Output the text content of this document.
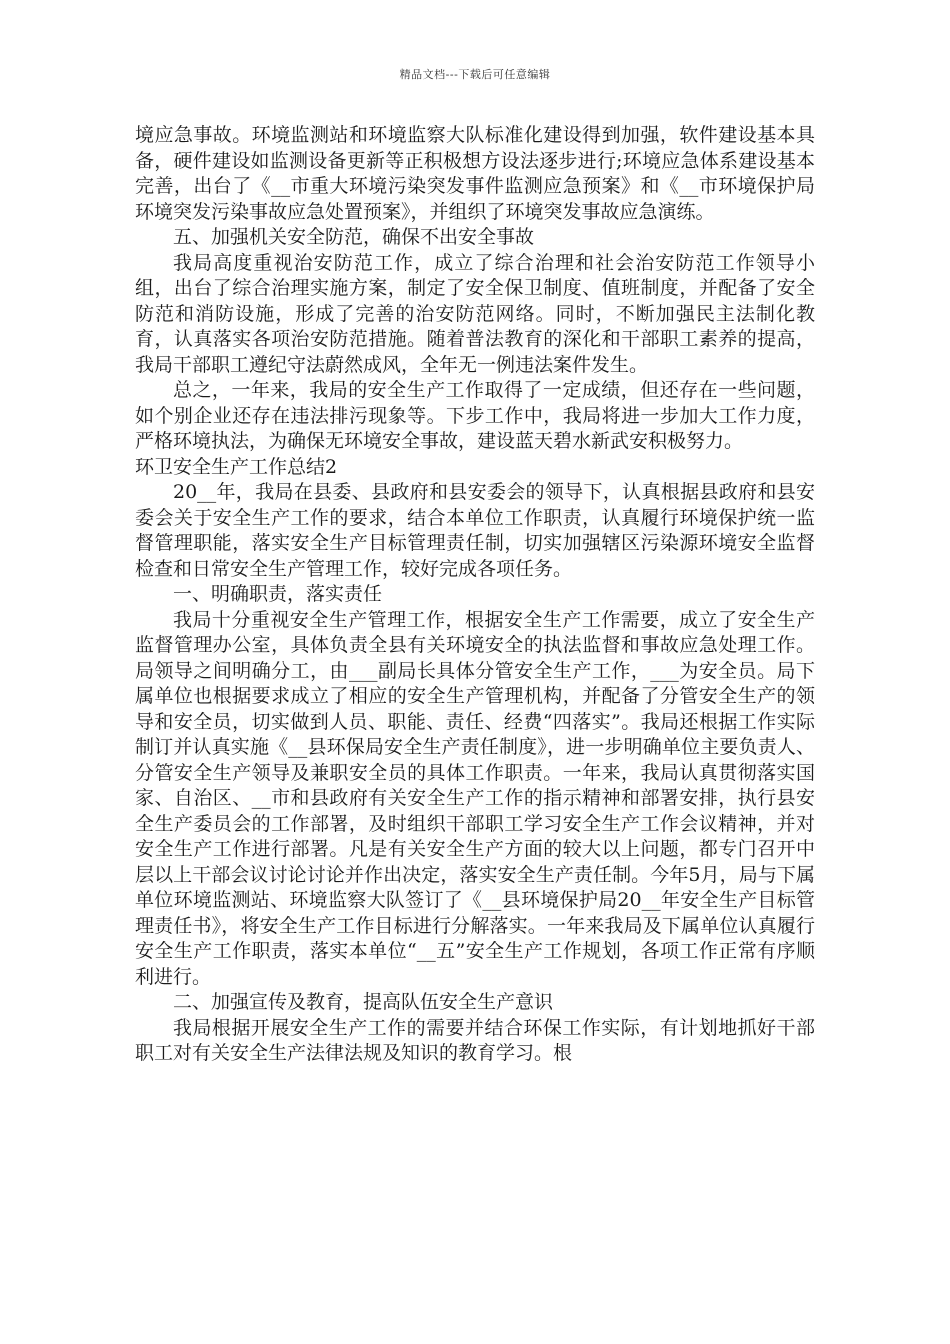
精品文档---下载后可任意编辑

境应急事故。环境监测站和环境监察大队标准化建设得到加强，软件建设基本具备，硬件建设如监测设备更新等正积极想方设法逐步进行;环境应急体系建设基本完善，出台了《__市重大环境污染突发事件监测应急预案》和《__市环境保护局环境突发污染事故应急处置预案》，并组织了环境突发事故应急演练。

五、加强机关安全防范，确保不出安全事故

我局高度重视治安防范工作，成立了综合治理和社会治安防范工作领导小组，出台了综合治理实施方案，制定了安全保卫制度、值班制度，并配备了安全防范和消防设施，形成了完善的治安防范网络。同时，不断加强民主法制化教育，认真落实各项治安防范措施。随着普法教育的深化和干部职工素养的提高，我局干部职工遵纪守法蔚然成风，全年无一例违法案件发生。

总之，一年来，我局的安全生产工作取得了一定成绩，但还存在一些问题，如个别企业还存在违法排污现象等。下步工作中，我局将进一步加大工作力度，严格环境执法，为确保无环境安全事故，建设蓝天碧水新武安积极努力。

环卫安全生产工作总结2

20__年，我局在县委、县政府和县安委会的领导下，认真根据县政府和县安委会关于安全生产工作的要求，结合本单位工作职责，认真履行环境保护统一监督管理职能，落实安全生产目标管理责任制，切实加强辖区污染源环境安全监督检查和日常安全生产管理工作，较好完成各项任务。

一、明确职责，落实责任

我局十分重视安全生产管理工作，根据安全生产工作需要，成立了安全生产监督管理办公室，具体负责全县有关环境安全的执法监督和事故应急处理工作。局领导之间明确分工，由___副局长具体分管安全生产工作，___为安全员。局下属单位也根据要求成立了相应的安全生产管理机构，并配备了分管安全生产的领导和安全员，切实做到人员、职能、责任、经费“四落实”。我局还根据工作实际制订并认真实施《__县环保局安全生产责任制度》，进一步明确单位主要负责人、分管安全生产领导及兼职安全员的具体工作职责。一年来，我局认真贯彻落实国家、自治区、__市和县政府有关安全生产工作的指示精神和部署安排，执行县安全生产委员会的工作部署，及时组织干部职工学习安全生产工作会议精神，并对安全生产工作进行部署。凡是有关安全生产方面的较大以上问题，都专门召开中层以上干部会议讨论讨论并作出决定，落实安全生产责任制。今年5月，局与下属单位环境监测站、环境监察大队签订了《__县环境保护局20__年安全生产目标管理责任书》，将安全生产工作目标进行分解落实。一年来我局及下属单位认真履行安全生产工作职责，落实本单位“__五”安全生产工作规划，各项工作正常有序顺利进行。

二、加强宣传及教育，提高队伍安全生产意识

我局根据开展安全生产工作的需要并结合环保工作实际，有计划地抓好干部职工对有关安全生产法律法规及知识的教育学习。根
